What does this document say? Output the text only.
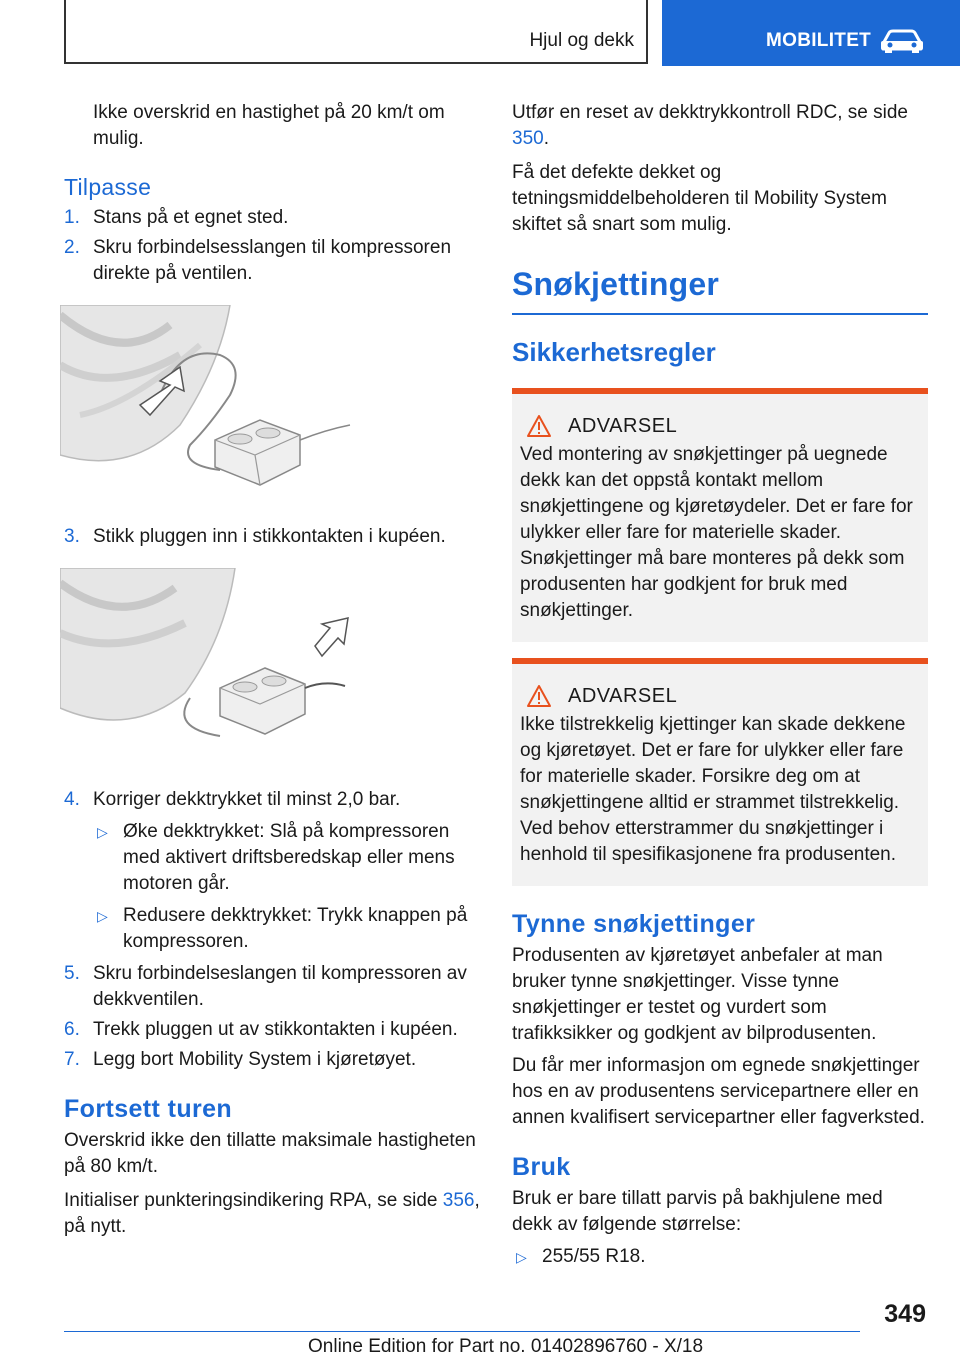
Hjul og dekk	MOBILITET

Ikke overskrid en hastighet på 20 km/t om mulig.

Tilpasse
1. Stans på et egnet sted.
2. Skru forbindelsesslangen til kompressoren direkte på ventilen.
3. Stikk pluggen inn i stikkontakten i kupéen.
4. Korriger dekktrykket til minst 2,0 bar.
▷ Øke dekktrykket: Slå på kompressoren med aktivert driftsberedskap eller mens motoren går.
▷ Redusere dekktrykket: Trykk knappen på kompressoren.
5. Skru forbindelseslangen til kompressoren av dekkventilen.
6. Trekk pluggen ut av stikkontakten i kupéen.
7. Legg bort Mobility System i kjøretøyet.
Fortsett turen

Overskrid ikke den tillatte maksimale hastigheten på 80 km/t.

Initialiser punkteringsindikering RPA, se side 356, på nytt.

Utfør en reset av dekktrykkontroll RDC, se side 350.

Få det defekte dekket og tetningsmiddelbeholderen til Mobility System skiftet så snart som mulig.

Snøkjettinger
Sikkerhetsregler
ADVARSEL

Ved montering av snøkjettinger på uegnede dekk kan det oppstå kontakt mellom snøkjettingene og kjøretøydeler. Det er fare for ulykker eller fare for materielle skader. Snøkjettinger må bare monteres på dekk som produsenten har godkjent for bruk med snøkjettinger.

ADVARSEL

Ikke tilstrekkelig kjettinger kan skade dekkene og kjøretøyet. Det er fare for ulykker eller fare for materielle skader. Forsikre deg om at snøkjettingene alltid er strammet tilstrekkelig. Ved behov etterstrammer du snøkjettinger i henhold til spesifikasjonene fra produsenten.

Tynne snøkjettinger

Produsenten av kjøretøyet anbefaler at man bruker tynne snøkjettinger. Visse tynne snøkjettinger er testet og vurdert som trafikksikker og godkjent av bilprodusenten.

Du får mer informasjon om egnede snøkjettinger hos en av produsentens servicepartnere eller en annen kvalifisert servicepartner eller fagverksted.

Bruk

Bruk er bare tillatt parvis på bakhjulene med dekk av følgende størrelse:

▷ 255/55 R18.
349
Online Edition for Part no. 01402896760 - X/18
